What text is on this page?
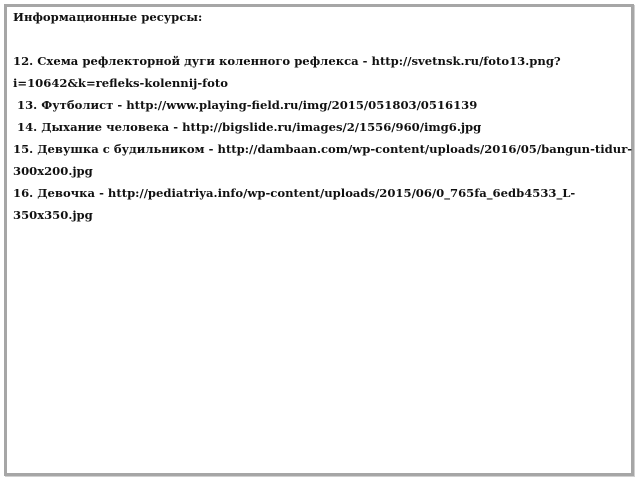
Информационные ресурсы:

12. Схема рефлекторной дуги коленного рефлекса - http://svetnsk.ru/foto13.png?

i=10642&k=refleks-kolennij-foto

13. Футболист - http://www.playing-field.ru/img/2015/051803/0516139

14. Дыхание человека - http://bigslide.ru/images/2/1556/960/img6.jpg

15. Девушка с будильником - http://dambaan.com/wp-content/uploads/2016/05/bangun-tidur-

300x200.jpg

16. Девочка - http://pediatriya.info/wp-content/uploads/2015/06/0_765fa_6edb4533_L-

350x350.jpg
